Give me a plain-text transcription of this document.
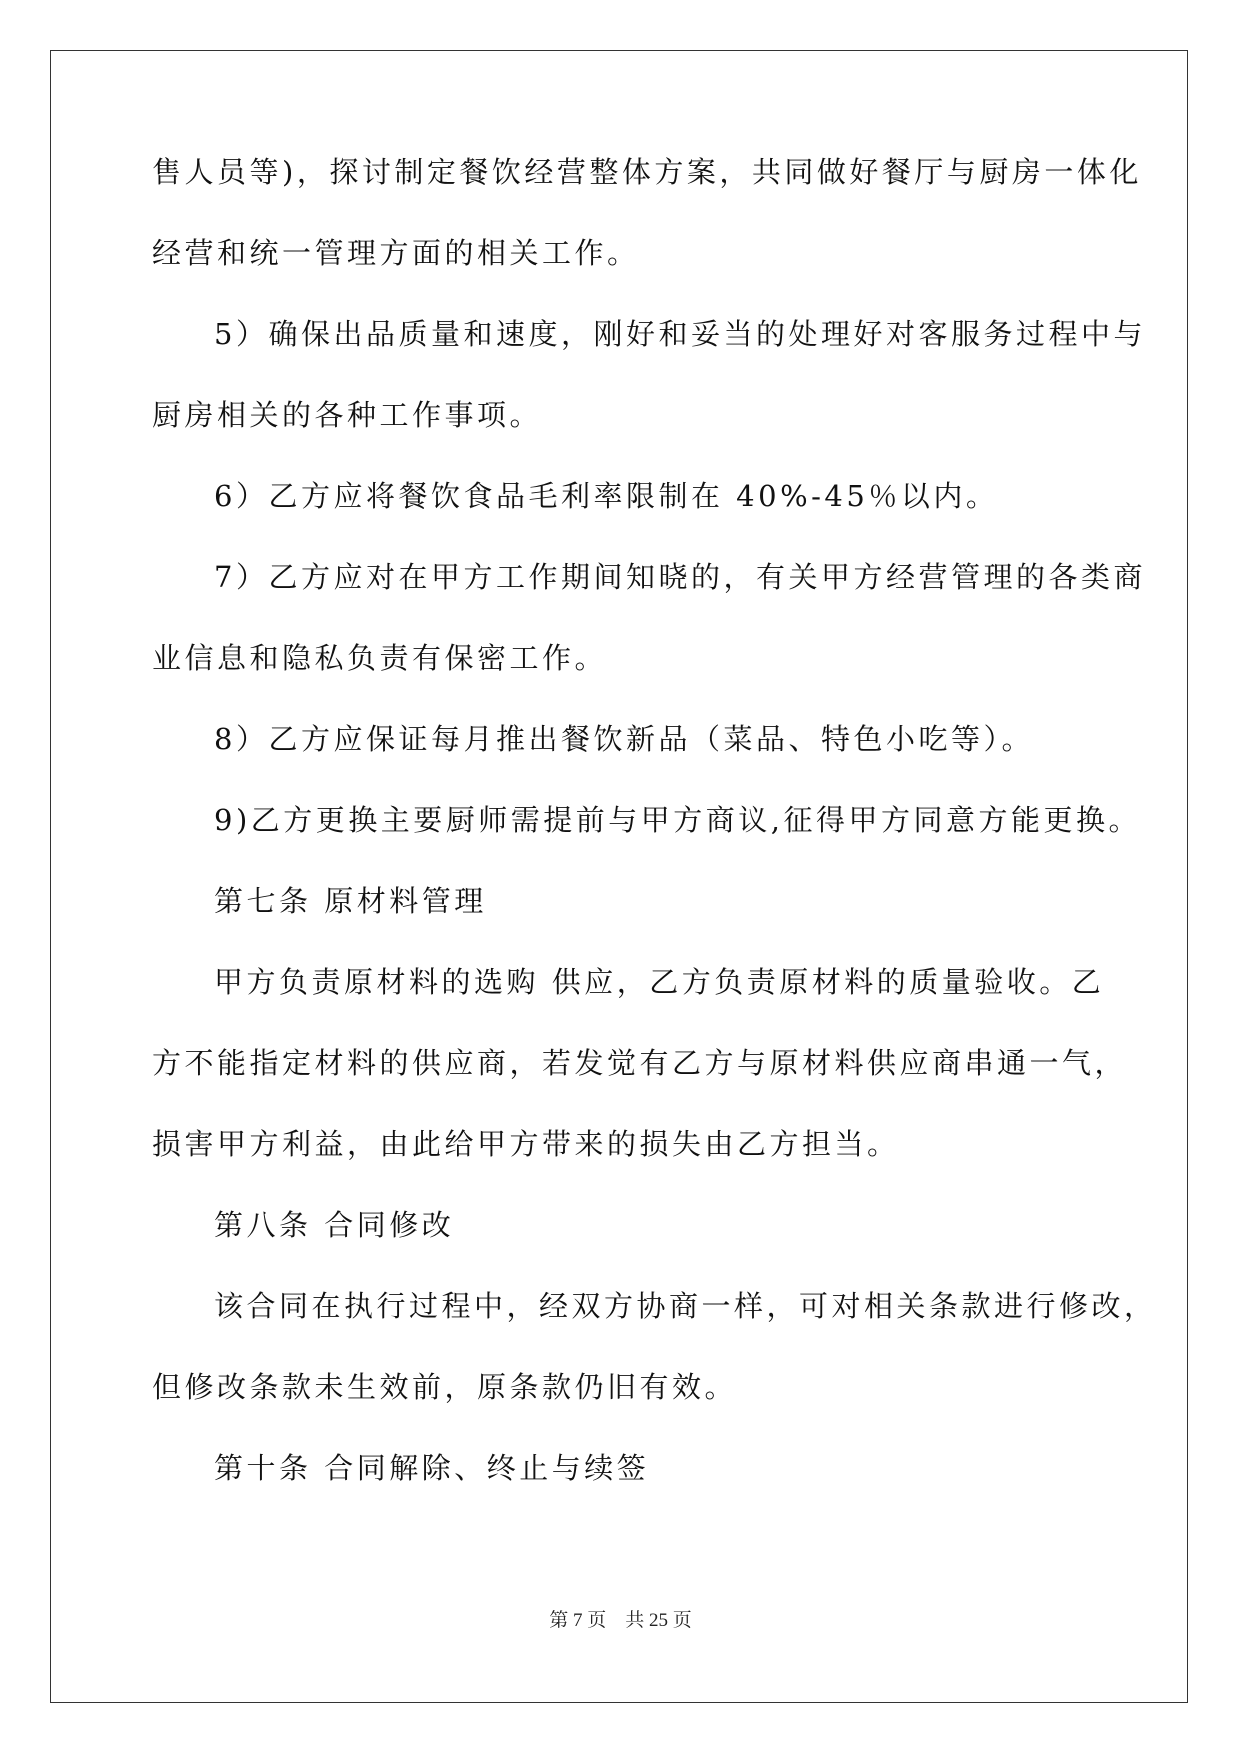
售人员等)，探讨制定餐饮经营整体方案，共同做好餐厅与厨房一体化
经营和统一管理方面的相关工作。
5）确保出品质量和速度，刚好和妥当的处理好对客服务过程中与
厨房相关的各种工作事项。
6）乙方应将餐饮食品毛利率限制在 40%-45％以内。
7）乙方应对在甲方工作期间知晓的，有关甲方经营管理的各类商
业信息和隐私负责有保密工作。
8）乙方应保证每月推出餐饮新品（菜品、特色小吃等）。
9)乙方更换主要厨师需提前与甲方商议,征得甲方同意方能更换。
第七条 原材料管理
甲方负责原材料的选购 供应，乙方负责原材料的质量验收。乙
方不能指定材料的供应商，若发觉有乙方与原材料供应商串通一气，
损害甲方利益，由此给甲方带来的损失由乙方担当。
第八条 合同修改
该合同在执行过程中，经双方协商一样，可对相关条款进行修改，
但修改条款未生效前，原条款仍旧有效。
第十条 合同解除、终止与续签
第 7 页    共 25 页
